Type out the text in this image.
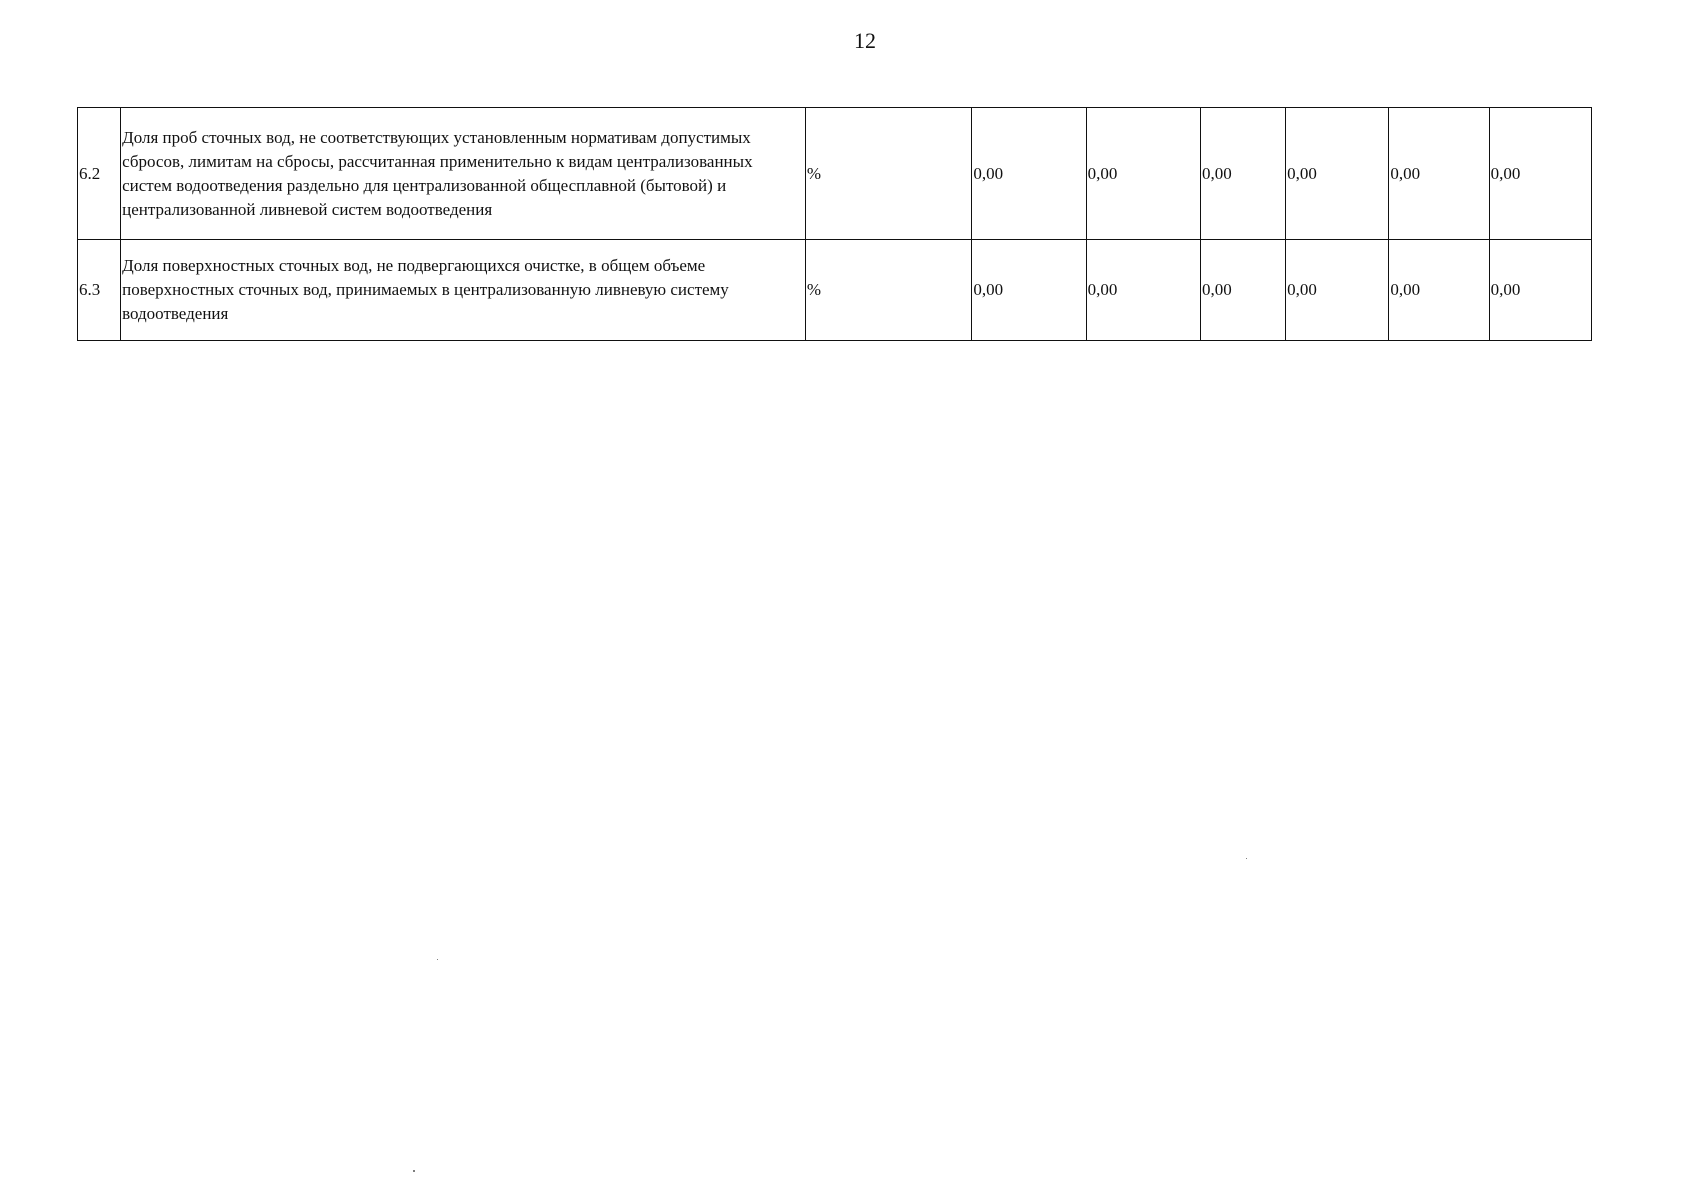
12
6.2	Доля проб сточных вод, не соответствующих установленным нормативам допустимых сбросов, лимитам на сбросы, рассчитанная применительно к видам централизованных систем водоотведения раздельно для централизованной общесплавной (бытовой) и централизованной ливневой систем водоотведения	%	0,00	0,00	0,00	0,00	0,00	0,00
6.3	Доля поверхностных сточных вод, не подвергающихся очистке, в общем объеме поверхностных сточных вод, принимаемых в централизованную ливневую систему водоотведения	%	0,00	0,00	0,00	0,00	0,00	0,00
